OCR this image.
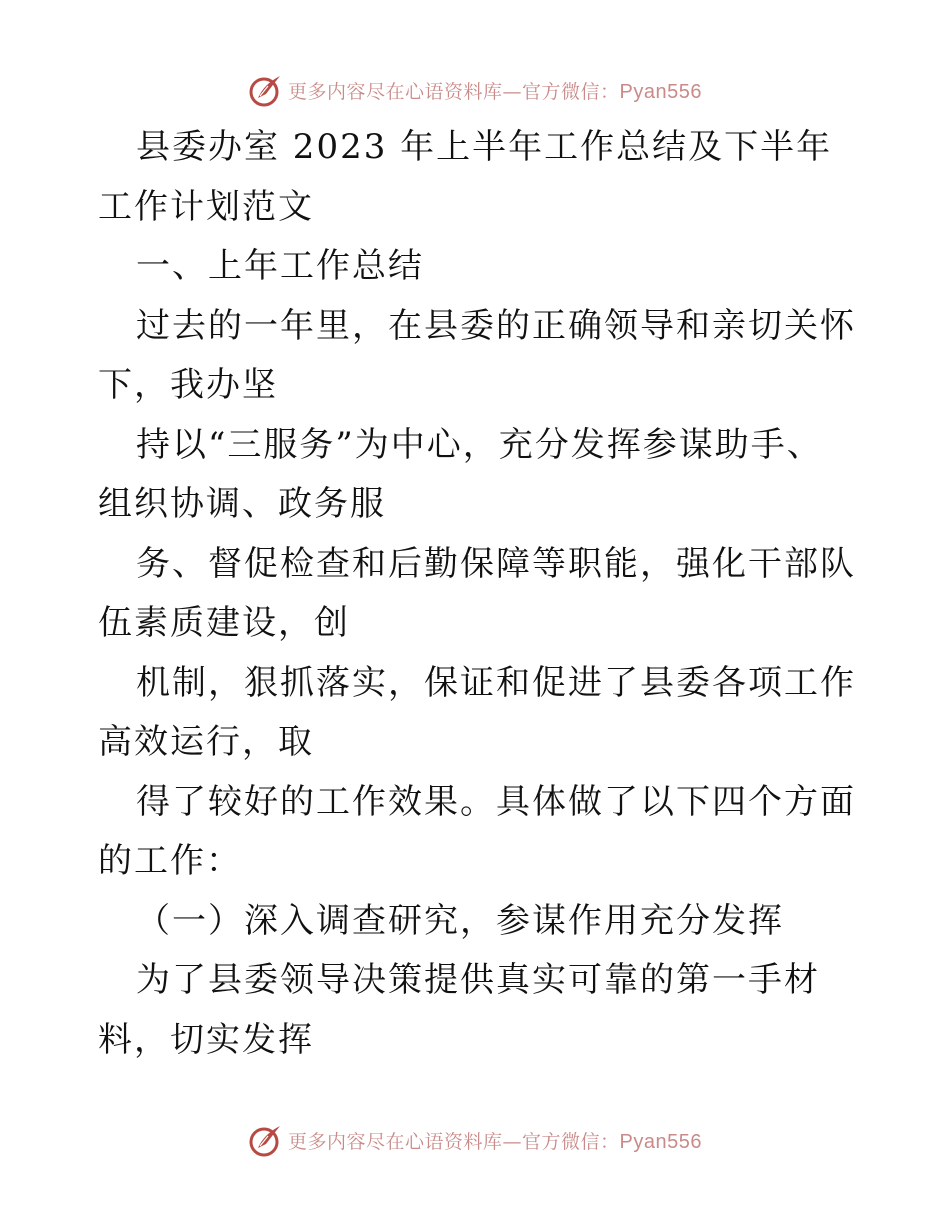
更多内容尽在心语资料库—官方微信：Pyan556

县委办室 2023 年上半年工作总结及下半年工作计划范文

一、上年工作总结

过去的一年里，在县委的正确领导和亲切关怀下，我办坚

持以“三服务”为中心，充分发挥参谋助手、组织协调、政务服

务、督促检查和后勤保障等职能，强化干部队伍素质建设，创

机制，狠抓落实，保证和促进了县委各项工作高效运行，取

得了较好的工作效果。具体做了以下四个方面的工作：

（一）深入调查研究，参谋作用充分发挥

为了县委领导决策提供真实可靠的第一手材料，切实发挥

更多内容尽在心语资料库—官方微信：Pyan556
